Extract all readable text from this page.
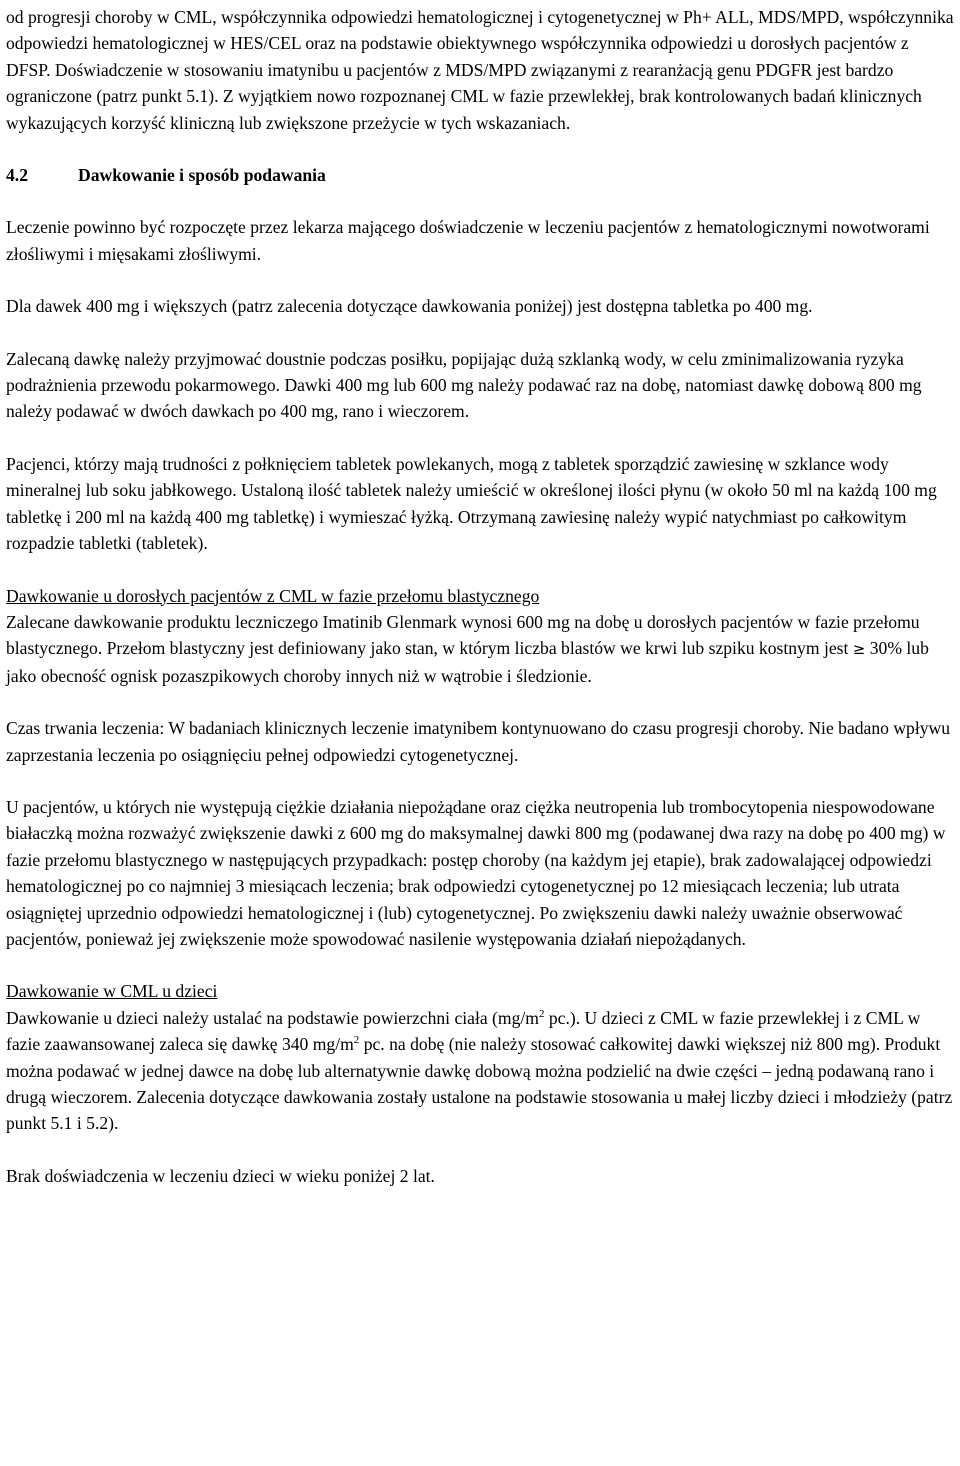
od progresji choroby w CML, współczynnika odpowiedzi hematologicznej i cytogenetycznej w Ph+ ALL, MDS/MPD, współczynnika odpowiedzi hematologicznej w HES/CEL oraz na podstawie obiektywnego współczynnika odpowiedzi u dorosłych pacjentów z DFSP. Doświadczenie w stosowaniu imatynibu u pacjentów z MDS/MPD związanymi z rearanżacją genu PDGFR jest bardzo ograniczone (patrz punkt 5.1). Z wyjątkiem nowo rozpoznanej CML w fazie przewlekłej, brak kontrolowanych badań klinicznych wykazujących korzyść kliniczną lub zwiększone przeżycie w tych wskazaniach.

4.2	Dawkowanie i sposób podawania

Leczenie powinno być rozpoczęte przez lekarza mającego doświadczenie w leczeniu pacjentów z hematologicznymi nowotworami złośliwymi i mięsakami złośliwymi.

Dla dawek 400 mg i większych (patrz zalecenia dotyczące dawkowania poniżej) jest dostępna tabletka po 400 mg.

Zalecaną dawkę należy przyjmować doustnie podczas posiłku, popijając dużą szklanką wody, w celu zminimalizowania ryzyka podrażnienia przewodu pokarmowego. Dawki 400 mg lub 600 mg należy podawać raz na dobę, natomiast dawkę dobową 800 mg należy podawać w dwóch dawkach po 400 mg, rano i wieczorem.

Pacjenci, którzy mają trudności z połknięciem tabletek powlekanych, mogą z tabletek sporządzić zawiesinę w szklance wody mineralnej lub soku jabłkowego. Ustaloną ilość tabletek należy umieścić w określonej ilości płynu (w około 50 ml na każdą 100 mg tabletkę i 200 ml na każdą 400 mg tabletkę) i wymieszać łyżką. Otrzymaną zawiesinę należy wypić natychmiast po całkowitym rozpadzie tabletki (tabletek).

Dawkowanie u dorosłych pacjentów z CML w fazie przełomu blastycznego
Zalecane dawkowanie produktu leczniczego Imatinib Glenmark wynosi 600 mg na dobę u dorosłych pacjentów w fazie przełomu blastycznego. Przełom blastyczny jest definiowany jako stan, w którym liczba blastów we krwi lub szpiku kostnym jest ≥ 30% lub jako obecność ognisk pozaszpikowych choroby innych niż w wątrobie i śledzionie.

Czas trwania leczenia: W badaniach klinicznych leczenie imatynibem kontynuowano do czasu progresji choroby. Nie badano wpływu zaprzestania leczenia po osiągnięciu pełnej odpowiedzi cytogenetycznej.

U pacjentów, u których nie występują ciężkie działania niepożądane oraz ciężka neutropenia lub trombocytopenia niespowodowane białaczką można rozważyć zwiększenie dawki z 600 mg do maksymalnej dawki 800 mg (podawanej dwa razy na dobę po 400 mg) w fazie przełomu blastycznego w następujących przypadkach: postęp choroby (na każdym jej etapie), brak zadowalającej odpowiedzi hematologicznej po co najmniej 3 miesiącach leczenia; brak odpowiedzi cytogenetycznej po 12 miesiącach leczenia; lub utrata osiągniętej uprzednio odpowiedzi hematologicznej i (lub) cytogenetycznej. Po zwiększeniu dawki należy uważnie obserwować pacjentów, ponieważ jej zwiększenie może spowodować nasilenie występowania działań niepożądanych.

Dawkowanie w CML u dzieci
Dawkowanie u dzieci należy ustalać na podstawie powierzchni ciała ($mg/m^2$ pc.). U dzieci z CML w fazie przewlekłej i z CML w fazie zaawansowanej zaleca się dawkę 340 $mg/m^2$ pc. na dobę (nie należy stosować całkowitej dawki większej niż 800 mg). Produkt można podawać w jednej dawce na dobę lub alternatywnie dawkę dobową można podzielić na dwie części – jedną podawaną rano i drugą wieczorem. Zalecenia dotyczące dawkowania zostały ustalone na podstawie stosowania u małej liczby dzieci i młodzieży (patrz punkt 5.1 i 5.2).

Brak doświadczenia w leczeniu dzieci w wieku poniżej 2 lat.
